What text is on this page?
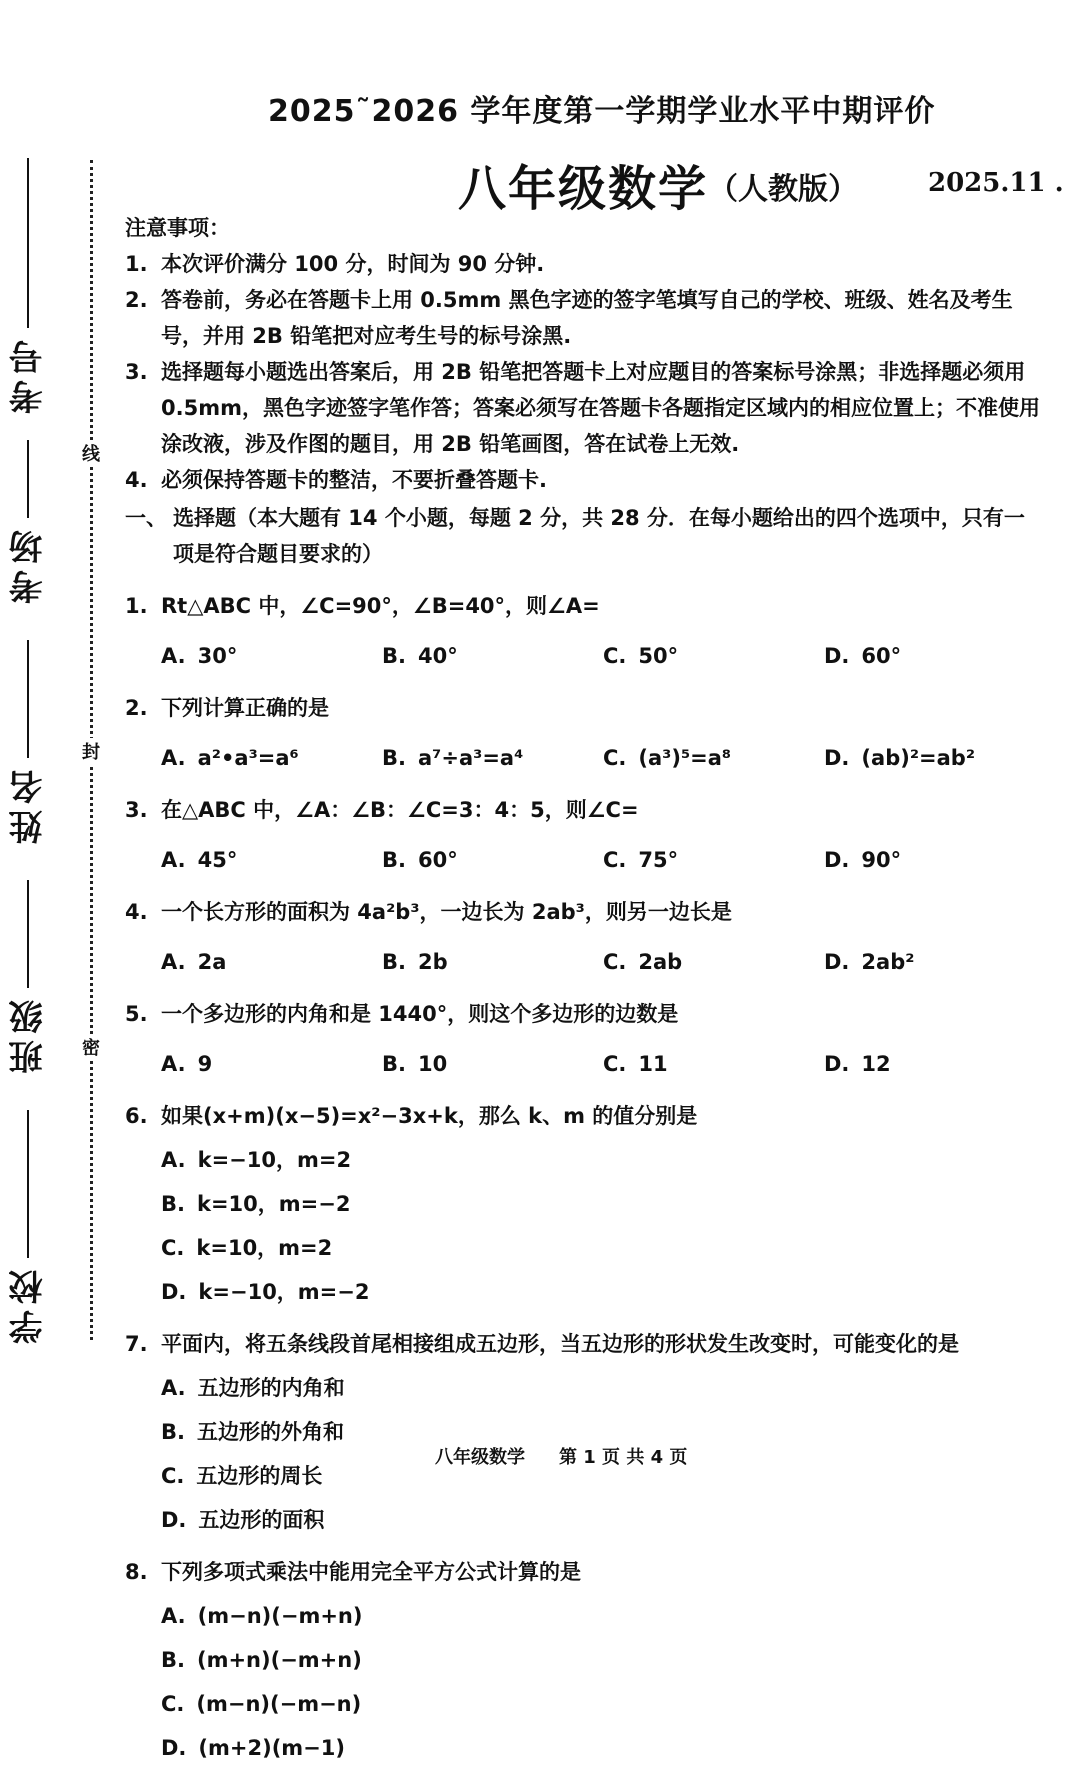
考号
考场
姓名
班级
学校
线
封
密
2025˜2026 学年度第一学期学业水平中期评价
八年级数学 （人教版）	2025.11 .

注意事项：

1. 本次评价满分 100 分，时间为 90 分钟.
2. 答卷前，务必在答题卡上用 0.5mm 黑色字迹的签字笔填写自己的学校、班级、姓名及考生号，并用 2B 铅笔把对应考生号的标号涂黑.
3. 选择题每小题选出答案后，用 2B 铅笔把答题卡上对应题目的答案标号涂黑；非选择题必须用 0.5mm，黑色字迹签字笔作答；答案必须写在答题卡各题指定区域内的相应位置上；不准使用涂改液，涉及作图的题目，用 2B 铅笔画图，答在试卷上无效.
4. 必须保持答题卡的整洁，不要折叠答题卡.
一、 选择题（本大题有 14 个小题，每题 2 分，共 28 分．在每小题给出的四个选项中，只有一项是符合题目要求的）
1. Rt△ABC 中，∠C=90°，∠B=40°，则∠A=
A. 30°	B. 40°	C. 50°	D. 60°
2. 下列计算正确的是
A. a²•a³=a⁶	B. a⁷÷a³=a⁴	C. (a³)⁵=a⁸	D. (ab)²=ab²
3. 在△ABC 中，∠A：∠B：∠C=3：4：5，则∠C=
A. 45°	B. 60°	C. 75°	D. 90°
4. 一个长方形的面积为 4a²b³，一边长为 2ab³，则另一边长是
A. 2a	B. 2b	C. 2ab	D. 2ab²
5. 一个多边形的内角和是 1440°，则这个多边形的边数是
A. 9	B. 10	C. 11	D. 12
6. 如果(x+m)(x−5)=x²−3x+k，那么 k、m 的值分别是
A. k=−10，m=2
B. k=10，m=−2
C. k=10，m=2
D. k=−10，m=−2
7. 平面内，将五条线段首尾相接组成五边形，当五边形的形状发生改变时，可能变化的是
A. 五边形的内角和
B. 五边形的外角和
C. 五边形的周长
D. 五边形的面积
8. 下列多项式乘法中能用完全平方公式计算的是
A. (m−n)(−m+n)
B. (m+n)(−m+n)
C. (m−n)(−m−n)
D. (m+2)(m−1)
八年级数学 第 1 页 共 4 页
